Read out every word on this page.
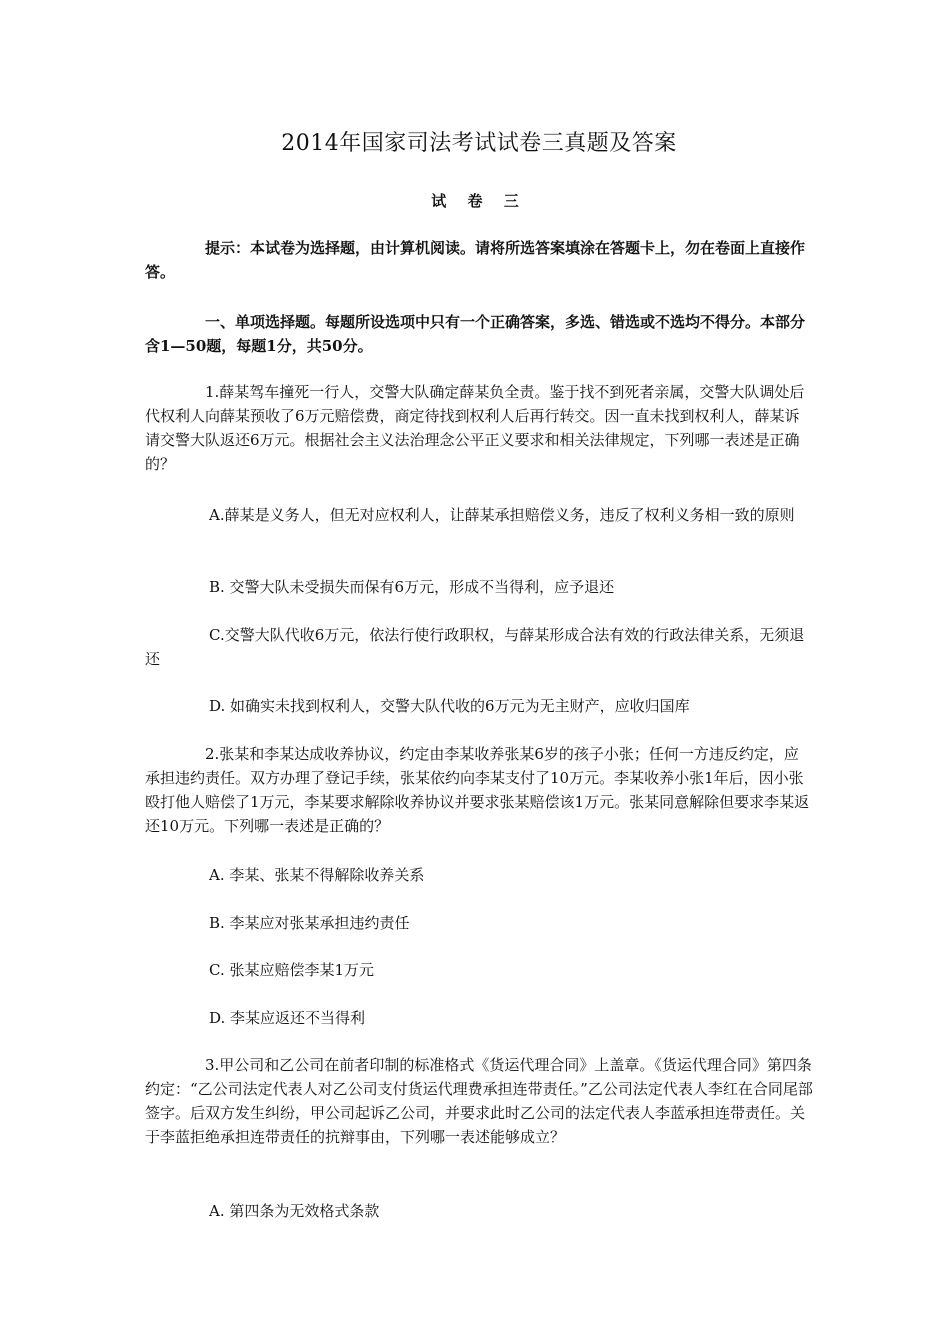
2014年国家司法考试试卷三真题及答案
试 卷 三

提示：本试卷为选择题，由计算机阅读。请将所选答案填涂在答题卡上，勿在卷面上直接作答。

一、单项选择题。每题所设选项中只有一个正确答案，多选、错选或不选均不得分。本部分含1—50题，每题1分，共50分。

1.薛某驾车撞死一行人，交警大队确定薛某负全责。鉴于找不到死者亲属，交警大队调处后代权利人向薛某预收了6万元赔偿费，商定待找到权利人后再行转交。因一直未找到权利人，薛某诉请交警大队返还6万元。根据社会主义法治理念公平正义要求和相关法律规定，下列哪一表述是正确的？

A.薛某是义务人，但无对应权利人，让薛某承担赔偿义务，违反了权利义务相一致的原则

B. 交警大队未受损失而保有6万元，形成不当得利，应予退还

C.交警大队代收6万元，依法行使行政职权，与薛某形成合法有效的行政法律关系，无须退还

D. 如确实未找到权利人，交警大队代收的6万元为无主财产，应收归国库

2.张某和李某达成收养协议，约定由李某收养张某6岁的孩子小张；任何一方违反约定，应承担违约责任。双方办理了登记手续，张某依约向李某支付了10万元。李某收养小张1年后，因小张殴打他人赔偿了1万元，李某要求解除收养协议并要求张某赔偿该1万元。张某同意解除但要求李某返还10万元。下列哪一表述是正确的？

A. 李某、张某不得解除收养关系

B. 李某应对张某承担违约责任

C. 张某应赔偿李某1万元

D. 李某应返还不当得利

3.甲公司和乙公司在前者印制的标准格式《货运代理合同》上盖章。《货运代理合同》第四条约定：“乙公司法定代表人对乙公司支付货运代理费承担连带责任。”乙公司法定代表人李红在合同尾部签字。后双方发生纠纷，甲公司起诉乙公司，并要求此时乙公司的法定代表人李蓝承担连带责任。关于李蓝拒绝承担连带责任的抗辩事由，下列哪一表述能够成立？

A. 第四条为无效格式条款
